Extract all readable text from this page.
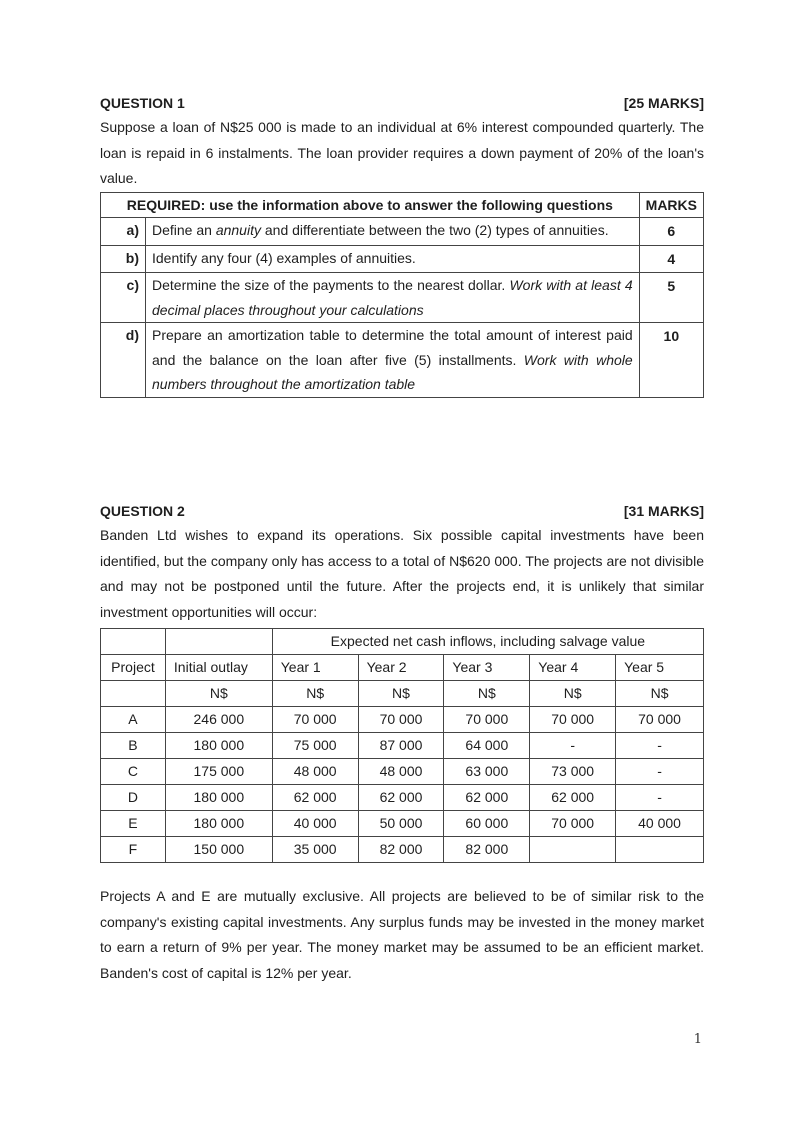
QUESTION 1	[25 MARKS]
Suppose a loan of N$25 000 is made to an individual at 6% interest compounded quarterly. The loan is repaid in 6 instalments. The loan provider requires a down payment of 20% of the loan's value.
REQUIRED: use the information above to answer the following questions		MARKS
a)	Define an annuity and differentiate between the two (2) types of annuities.	6
b)	Identify any four (4) examples of annuities.	4
c)	Determine the size of the payments to the nearest dollar. Work with at least 4 decimal places throughout your calculations	5
d)	Prepare an amortization table to determine the total amount of interest paid and the balance on the loan after five (5) installments. Work with whole numbers throughout the amortization table	10
QUESTION 2	[31 MARKS]
Banden Ltd wishes to expand its operations. Six possible capital investments have been identified, but the company only has access to a total of N$620 000. The projects are not divisible and may not be postponed until the future. After the projects end, it is unlikely that similar investment opportunities will occur:
		Expected net cash inflows, including salvage value				
Project	Initial outlay	Year 1	Year 2	Year 3	Year 4	Year 5
	N$	N$	N$	N$	N$	N$
A	246 000	70 000	70 000	70 000	70 000	70 000
B	180 000	75 000	87 000	64 000	-	-
C	175 000	48 000	48 000	63 000	73 000	-
D	180 000	62 000	62 000	62 000	62 000	-
E	180 000	40 000	50 000	60 000	70 000	40 000
F	150 000	35 000	82 000	82 000		
Projects A and E are mutually exclusive. All projects are believed to be of similar risk to the company's existing capital investments. Any surplus funds may be invested in the money market to earn a return of 9% per year. The money market may be assumed to be an efficient market. Banden's cost of capital is 12% per year.
1
